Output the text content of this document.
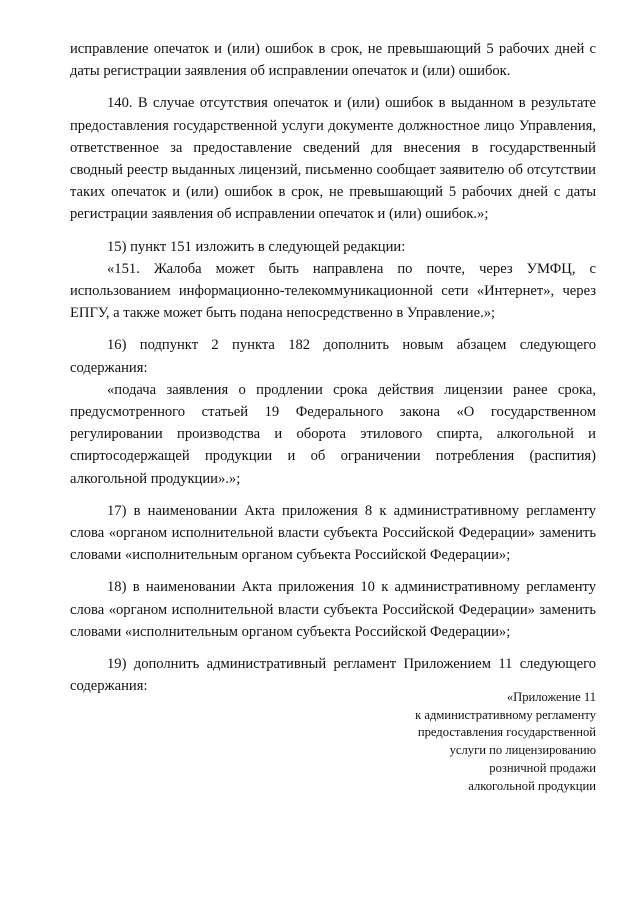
исправление опечаток и (или) ошибок в срок, не превышающий 5 рабочих дней с даты регистрации заявления об исправлении опечаток и (или) ошибок.

140. В случае отсутствия опечаток и (или) ошибок в выданном в результате предоставления государственной услуги документе должностное лицо Управления, ответственное за предоставление сведений для внесения в государственный сводный реестр выданных лицензий, письменно сообщает заявителю об отсутствии таких опечаток и (или) ошибок в срок, не превышающий 5 рабочих дней с даты регистрации заявления об исправлении опечаток и (или) ошибок.»;

15) пункт 151 изложить в следующей редакции:

«151. Жалоба может быть направлена по почте, через УМФЦ, с использованием информационно-телекоммуникационной сети «Интернет», через ЕПГУ, а также может быть подана непосредственно в Управление.»;

16) подпункт 2 пункта 182 дополнить новым абзацем следующего содержания:

«подача заявления о продлении срока действия лицензии ранее срока, предусмотренного статьей 19 Федерального закона «О государственном регулировании производства и оборота этилового спирта, алкогольной и спиртосодержащей продукции и об ограничении потребления (распития) алкогольной продукции».»;

17) в наименовании Акта приложения 8 к административному регламенту слова «органом исполнительной власти субъекта Российской Федерации» заменить словами «исполнительным органом субъекта Российской Федерации»;

18) в наименовании Акта приложения 10 к административному регламенту слова «органом исполнительной власти субъекта Российской Федерации» заменить словами «исполнительным органом субъекта Российской Федерации»;

19) дополнить административный регламент Приложением 11 следующего содержания:

«Приложение 11
к административному регламенту
предоставления государственной
услуги по лицензированию
розничной продажи
алкогольной продукции
